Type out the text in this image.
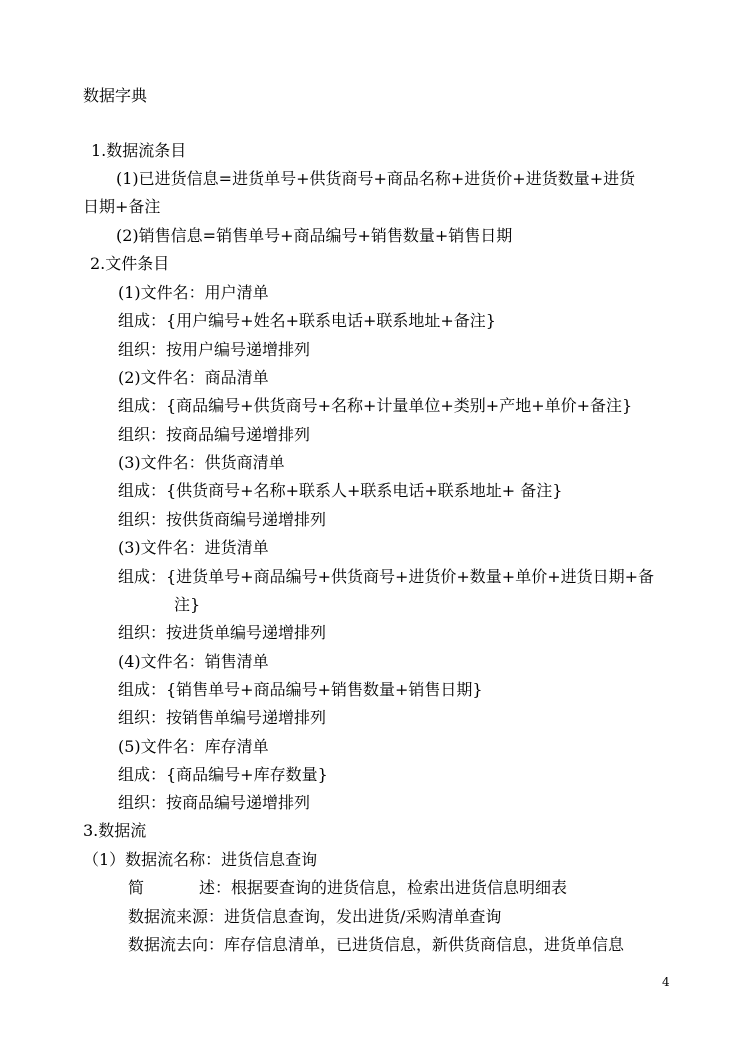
数据字典
1.数据流条目
(1)已进货信息=进货单号+供货商号+商品名称+进货价+进货数量+进货
日期+备注
(2)销售信息=销售单号+商品编号+销售数量+销售日期
2.文件条目
(1)文件名：用户清单
组成：{用户编号+姓名+联系电话+联系地址+备注}
组织：按用户编号递增排列
(2)文件名：商品清单
组成：{商品编号+供货商号+名称+计量单位+类别+产地+单价+备注}
组织：按商品编号递增排列
(3)文件名：供货商清单
组成：{供货商号+名称+联系人+联系电话+联系地址+ 备注}
组织：按供货商编号递增排列
(3)文件名：进货清单
组成：{进货单号+商品编号+供货商号+进货价+数量+单价+进货日期+备
注}
组织：按进货单编号递增排列
(4)文件名：销售清单
组成：{销售单号+商品编号+销售数量+销售日期}
组织：按销售单编号递增排列
(5)文件名：库存清单
组成：{商品编号+库存数量}
组织：按商品编号递增排列
3.数据流
（1）数据流名称：进货信息查询
简	述： 根据要查询的进货信息，检索出进货信息明细表
数据流来源：进货信息查询，发出进货/采购清单查询
数据流去向：库存信息清单，已进货信息，新供货商信息，进货单信息
4
